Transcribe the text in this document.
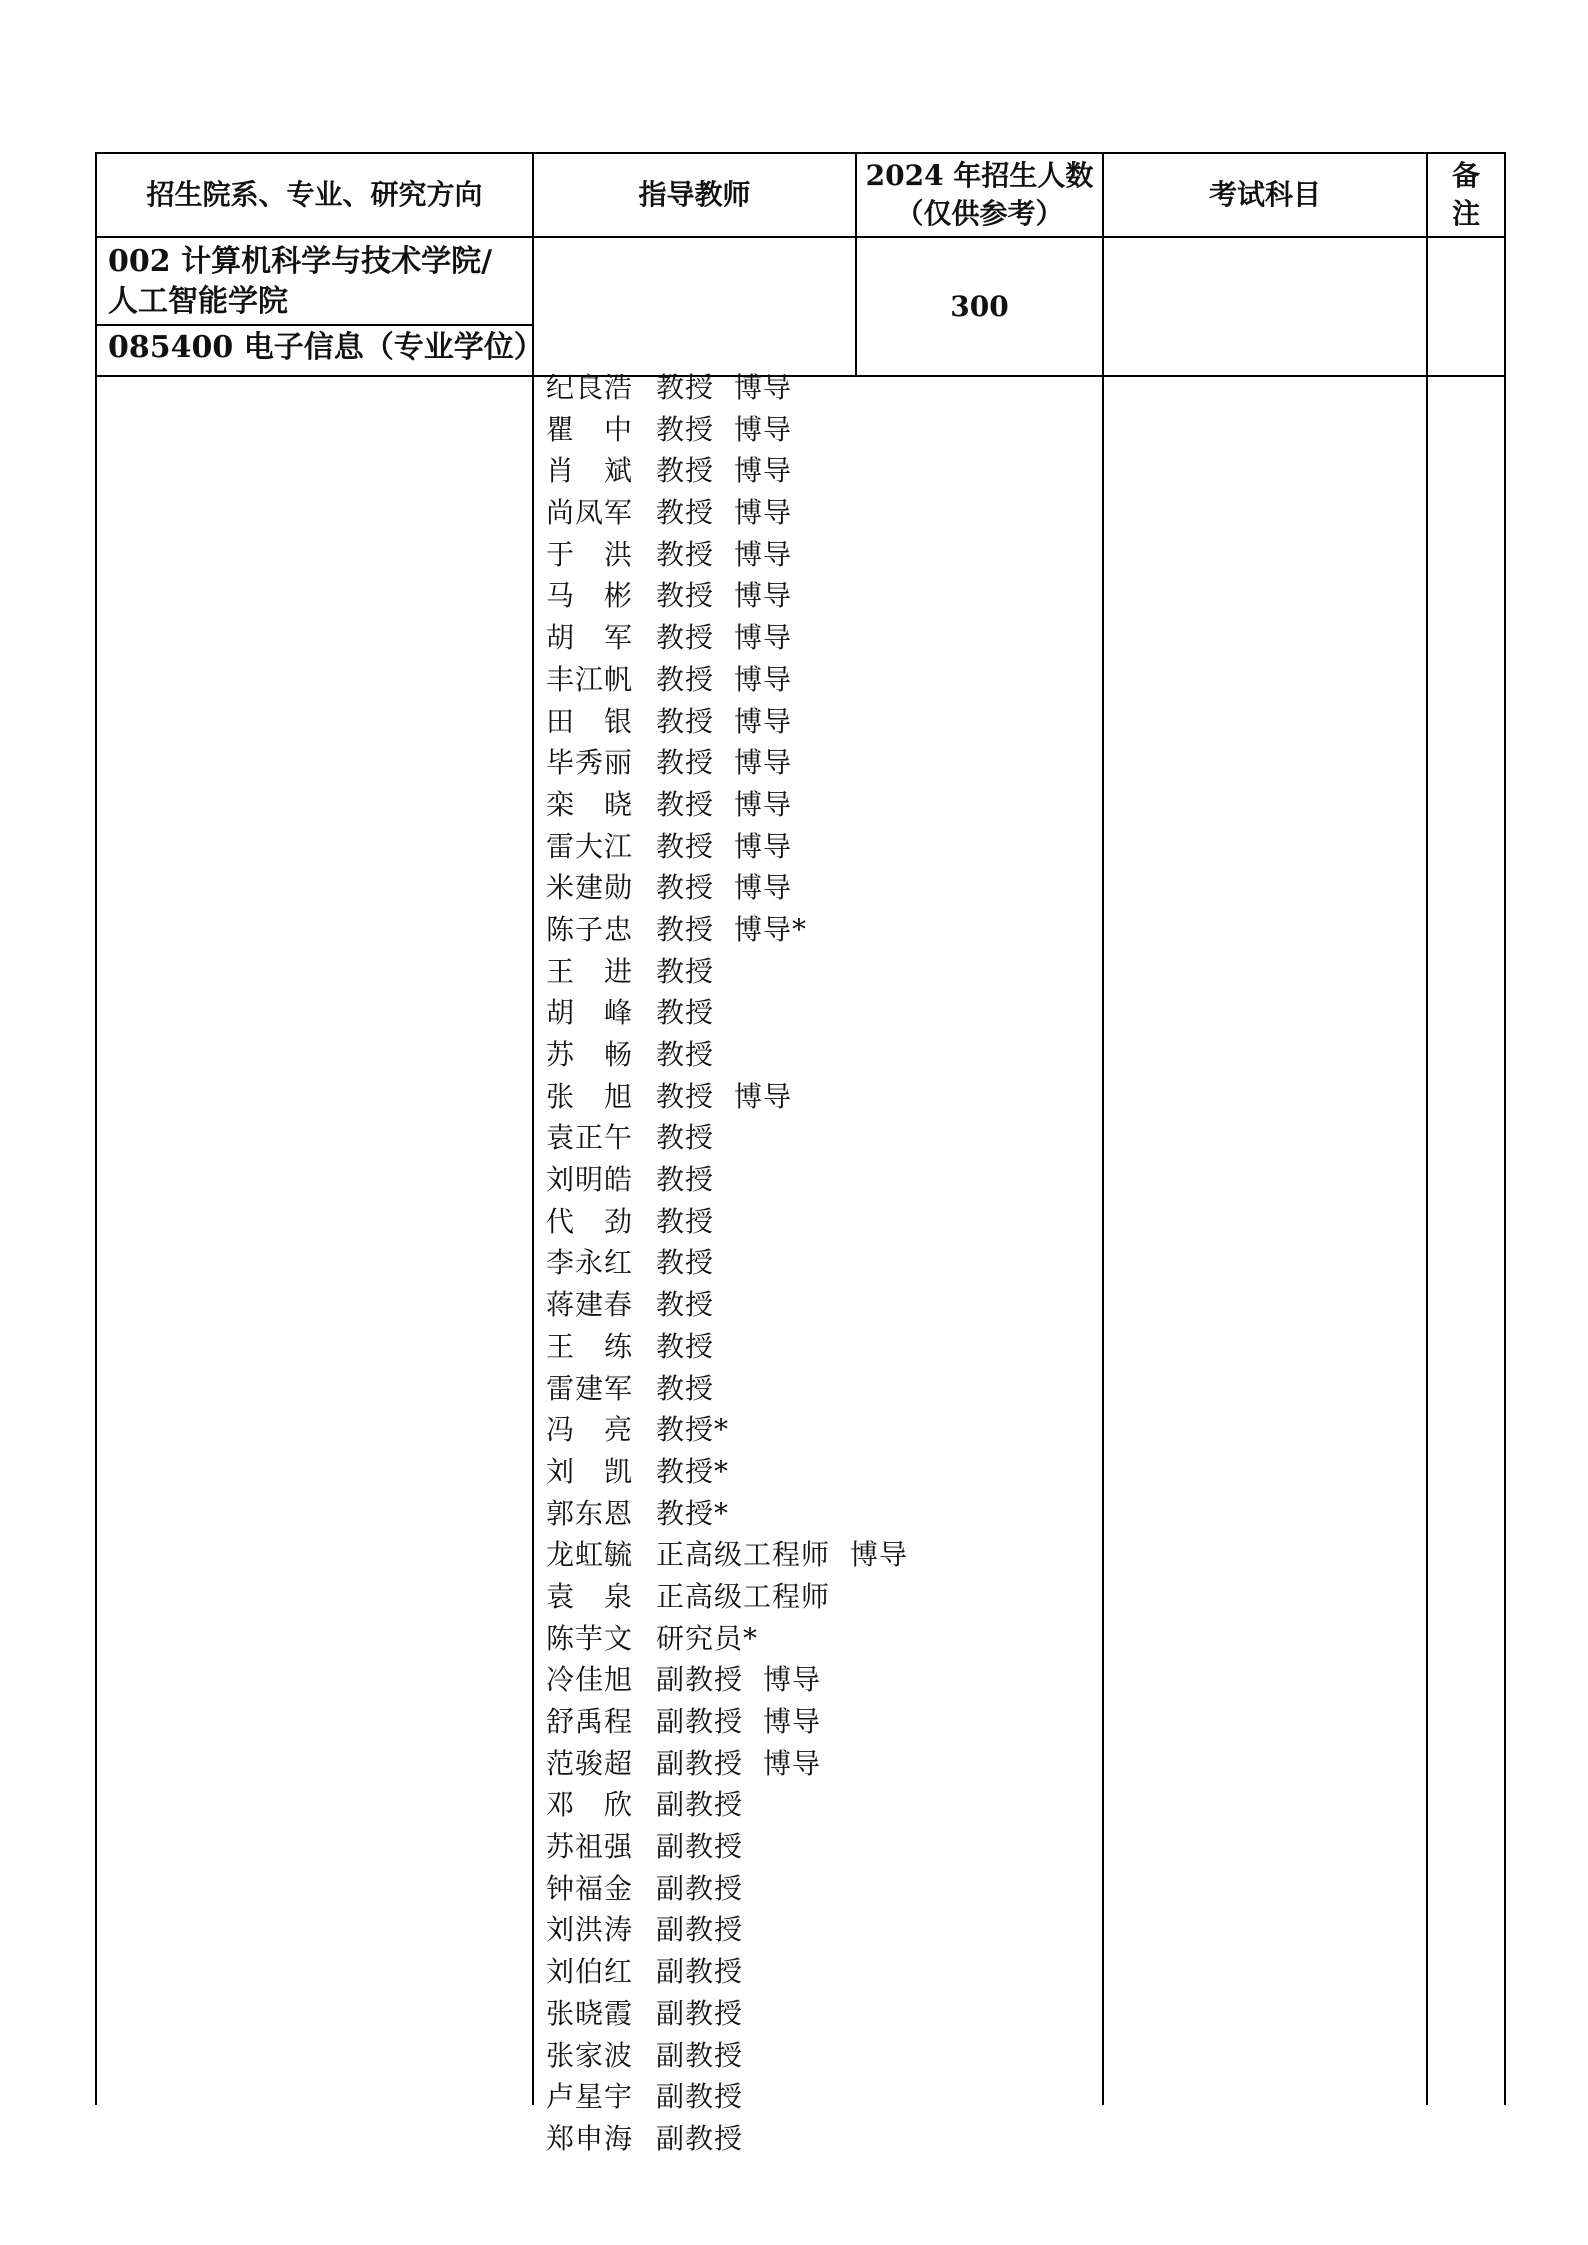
招生院系、专业、研究方向	指导教师
2024 年招生人数
（仅供参考）
考试科目
备
注
002 计算机科学与技术学院/
人工智能学院
085400 电子信息（专业学位）
300
纪良浩 教授 博导
瞿　中 教授 博导
肖　斌 教授 博导
尚凤军 教授 博导
于　洪 教授 博导
马　彬 教授 博导
胡　军 教授 博导
丰江帆 教授 博导
田　银 教授 博导
毕秀丽 教授 博导
栾　晓 教授 博导
雷大江 教授 博导
米建勋 教授 博导
陈子忠 教授 博导*
王　进 教授
胡　峰 教授
苏　畅 教授
张　旭 教授 博导
袁正午 教授
刘明皓 教授
代　劲 教授
李永红 教授
蒋建春 教授
王　练 教授
雷建军 教授
冯　亮 教授*
刘　凯 教授*
郭东恩 教授*
龙虹毓 正高级工程师 博导
袁　泉 正高级工程师
陈芋文 研究员*
冷佳旭 副教授 博导
舒禹程 副教授 博导
范骏超 副教授 博导
邓　欣 副教授
苏祖强 副教授
钟福金 副教授
刘洪涛 副教授
刘伯红 副教授
张晓霞 副教授
张家波 副教授
卢星宇 副教授
郑申海 副教授
